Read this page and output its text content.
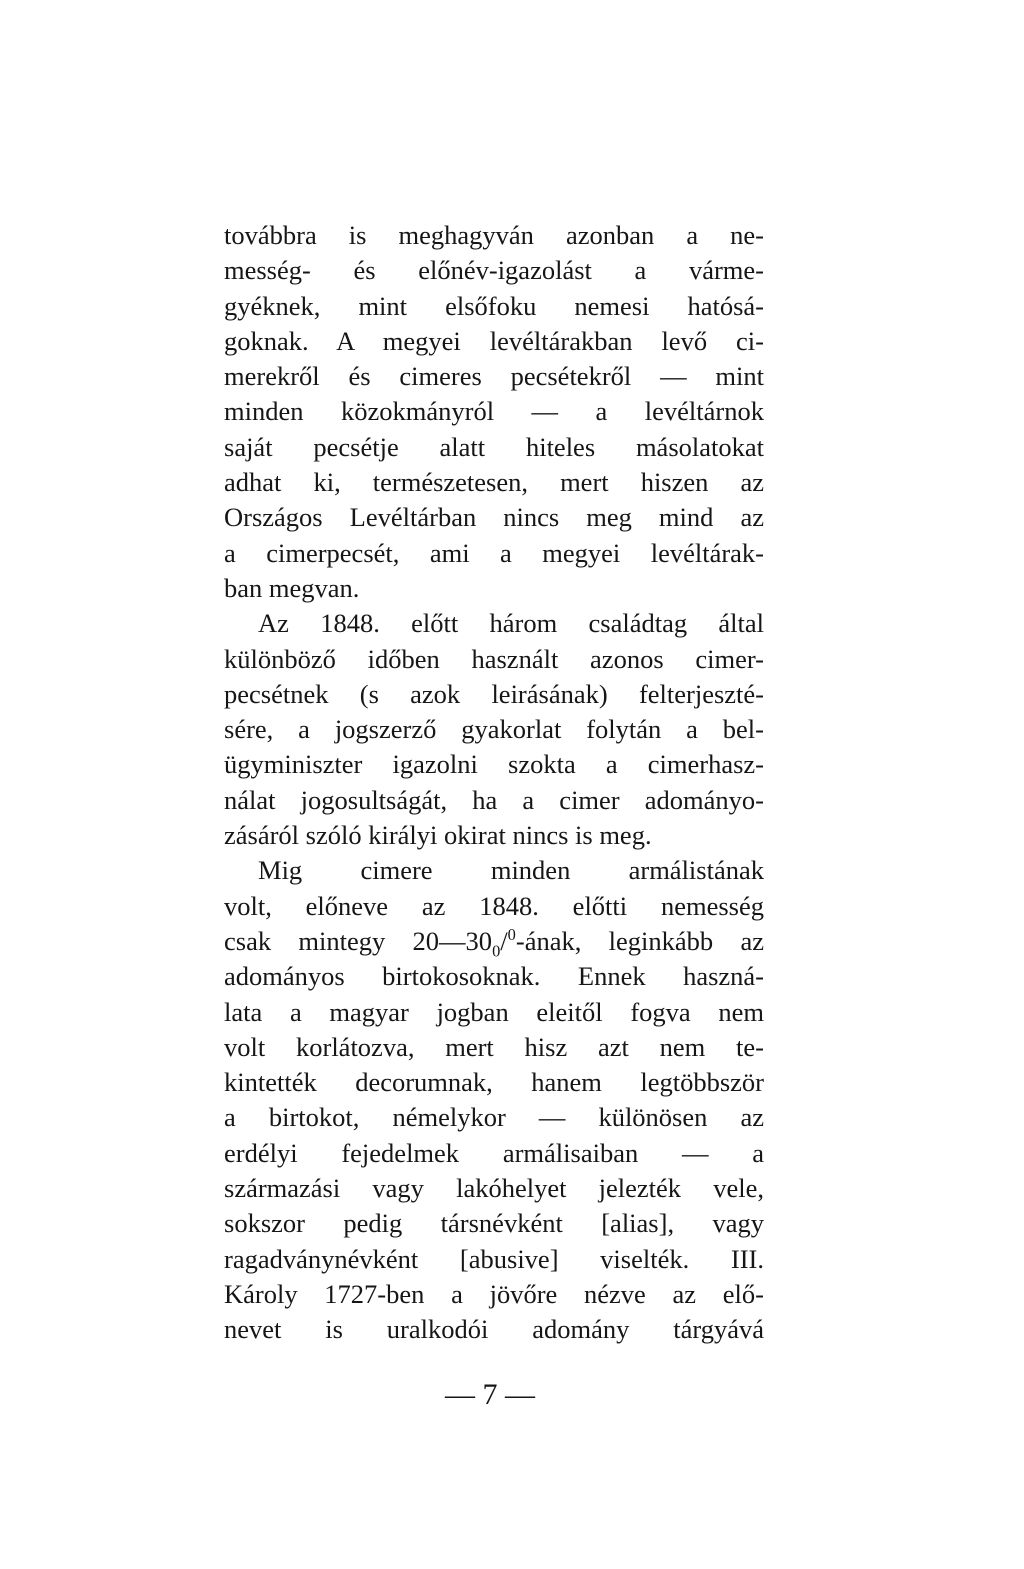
továbbra is meghagyván azonban a ne-
messég- és előnév-igazolást a várme-
gyéknek, mint elsőfoku nemesi hatósá-
goknak. A megyei levéltárakban levő ci-
merekről és cimeres pecsétekről — mint
minden közokmányról — a levéltárnok
saját pecsétje alatt hiteles másolatokat
adhat ki, természetesen, mert hiszen az
Országos Levéltárban nincs meg mind az
a cimerpecsét, ami a megyei levéltárak-
ban megvan.
Az 1848. előtt három családtag által
különböző időben használt azonos cimer-
pecsétnek (s azok leirásának) felterjeszté-
sére, a jogszerző gyakorlat folytán a bel-
ügyminiszter igazolni szokta a cimerhasz-
nálat jogosultságát, ha a cimer adományo-
zásáról szóló királyi okirat nincs is meg.
Mig cimere minden armálistának
volt, előneve az 1848. előtti nemesség
csak mintegy $20—30_0/^0$-ának, leginkább az
adományos birtokosoknak. Ennek haszná-
lata a magyar jogban eleitől fogva nem
volt korlátozva, mert hisz azt nem te-
kintették decorumnak, hanem legtöbbször
a birtokot, némelykor — különösen az
erdélyi fejedelmek armálisaiban — a
származási vagy lakóhelyet jelezték vele,
sokszor pedig társnévként [alias], vagy
ragadványnévként [abusive] viselték. III.
Károly 1727-ben a jövőre nézve az elő-
nevet is uralkodói adomány tárgyává
— 7 —
